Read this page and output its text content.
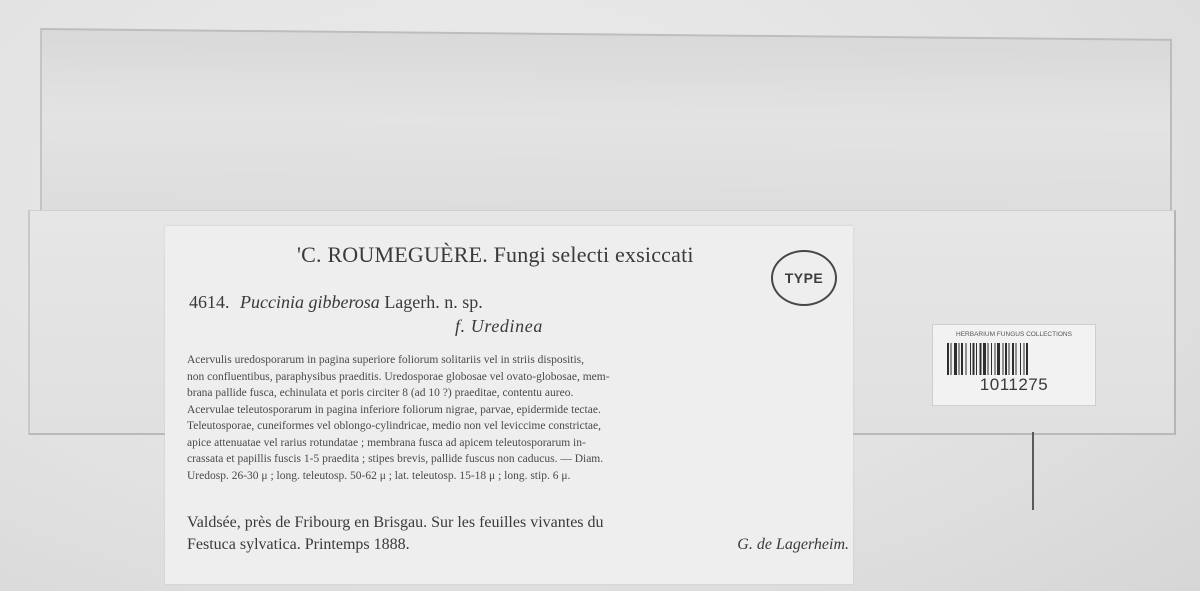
'C. ROUMEGUÈRE. Fungi selecti exsiccati
TYPE
4614. Puccinia gibberosa Lagerh. n. sp.
f. Uredinea
Acervulis uredosporarum in pagina superiore foliorum solitariis vel in striis dispositis,
non confluentibus, paraphysibus praeditis. Uredosporae globosae vel ovato-globosae, mem-
brana pallide fusca, echinulata et poris circiter 8 (ad 10 ?) praeditae, contentu aureo.
Acervulae teleutosporarum in pagina inferiore foliorum nigrae, parvae, epidermide tectae.
Teleutosporae, cuneiformes vel oblongo-cylindricae, medio non vel leviссime constrictae,
apice attenuatae vel rarius rotundatae ; membrana fusca ad apicem teleutosporarum in-
crassata et papillis fuscis 1-5 praedita ; stipes brevis, pallide fuscus non caducus. — Diam.
Uredosp. 26-30 μ ; long. teleutosp. 50-62 μ ; lat. teleutosp. 15-18 μ ; long. stip. 6 μ.
Valdsée, près de Fribourg en Brisgau. Sur les feuilles vivantes du
Festuca sylvatica. Printemps 1888.	G. de Lagerheim.
HERBARIUM FUNGUS COLLECTIONS
1011275
